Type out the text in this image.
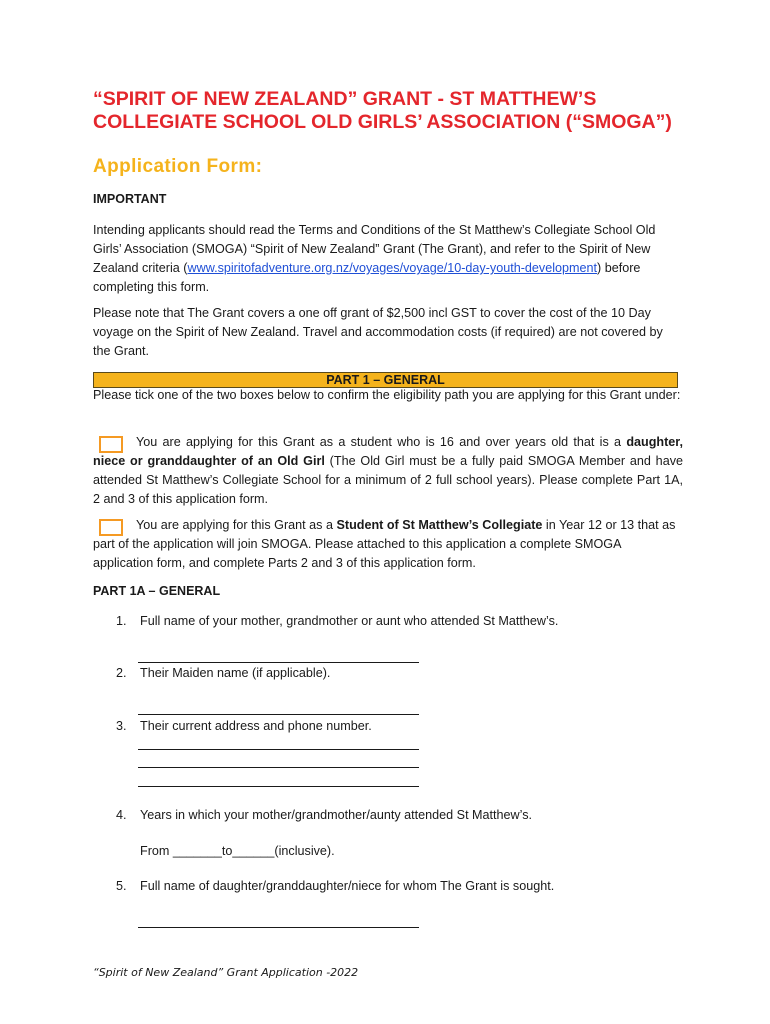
“SPIRIT OF NEW ZEALAND” GRANT - ST MATTHEW’S COLLEGIATE SCHOOL OLD GIRLS’ ASSOCIATION (“SMOGA”)
Application Form:

IMPORTANT

Intending applicants should read the Terms and Conditions of the St Matthew’s Collegiate School Old Girls’ Association (SMOGA) “Spirit of New Zealand” Grant (The Grant), and refer to the Spirit of New Zealand criteria (www.spiritofadventure.org.nz/voyages/voyage/10-day-youth-development) before completing this form.

Please note that The Grant covers a one off grant of $2,500 incl GST to cover the cost of the 10 Day voyage on the Spirit of New Zealand. Travel and accommodation costs (if required) are not covered by the Grant.

PART 1 – GENERAL

Please tick one of the two boxes below to confirm the eligibility path you are applying for this Grant under:

You are applying for this Grant as a student who is 16 and over years old that is a daughter, niece or granddaughter of an Old Girl (The Old Girl must be a fully paid SMOGA Member and have attended St Matthew’s Collegiate School for a minimum of 2 full school years). Please complete Part 1A, 2 and 3 of this application form.

You are applying for this Grant as a Student of St Matthew’s Collegiate in Year 12 or 13 that as part of the application will join SMOGA. Please attached to this application a complete SMOGA application form, and complete Parts 2 and 3 of this application form.

PART 1A – GENERAL

1. Full name of your mother, grandmother or aunt who attended St Matthew’s.
2. Their Maiden name (if applicable).
3. Their current address and phone number.
4. Years in which your mother/grandmother/aunty attended St Matthew’s.
From _______to______(inclusive).
5. Full name of daughter/granddaughter/niece for whom The Grant is sought.

“Spirit of New Zealand” Grant Application -2022
